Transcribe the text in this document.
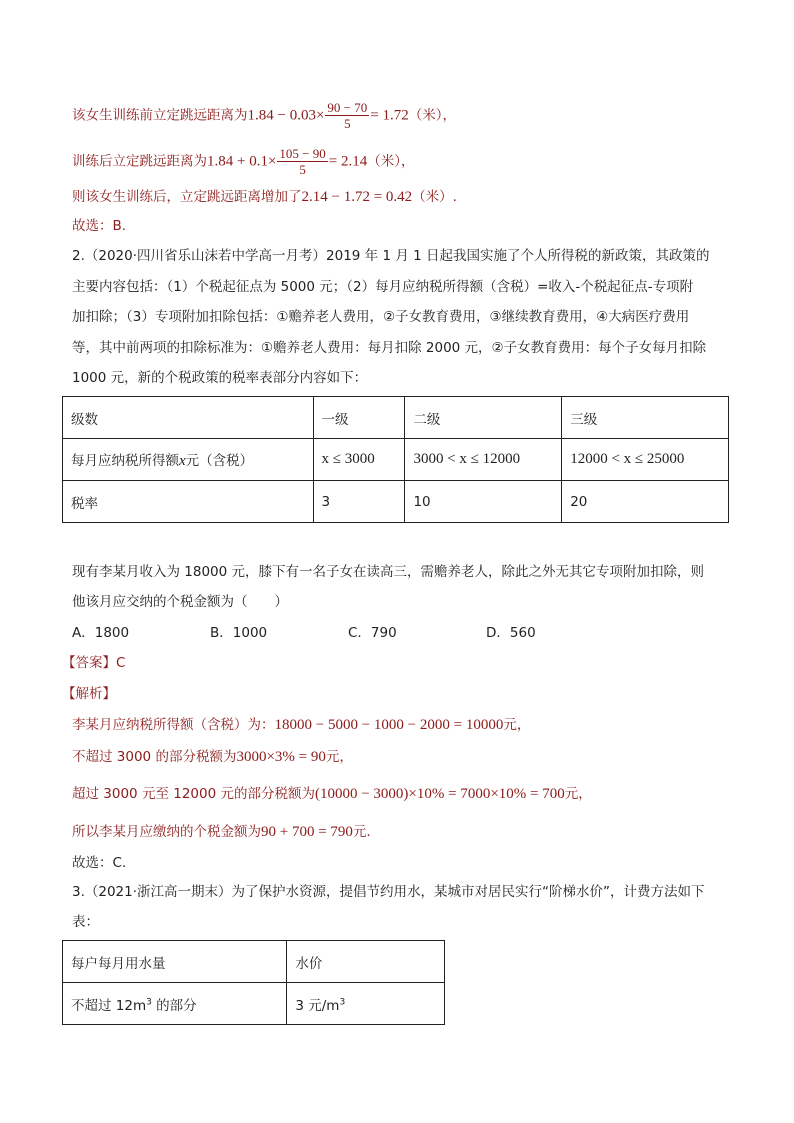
该女生训练前立定跳远距离为$1.84 - 0.03\times \frac{90 - 70}{5} = 1.72$（米），
训练后立定跳远距离为$1.84 + 0.1\times \frac{105 - 90}{5} = 2.14$（米），
则该女生训练后，立定跳远距离增加了2.14 − 1.72 = 0.42（米）.
故选：B.
2.（2020·四川省乐山沫若中学高一月考）2019 年 1 月 1 日起我国实施了个人所得税的新政策，其政策的
主要内容包括：（1）个税起征点为 5000 元；（2）每月应纳税所得额（含税）=收入-个税起征点-专项附
加扣除；（3）专项附加扣除包括：①赡养老人费用，②子女教育费用，③继续教育费用，④大病医疗费用
等，其中前两项的扣除标准为：①赡养老人费用：每月扣除 2000 元，②子女教育费用：每个子女每月扣除
1000 元，新的个税政策的税率表部分内容如下：
级数	一级	二级	三级
每月应纳税所得额x元（含税）	x ≤ 3000	3000 < x ≤ 12000	12000 < x ≤ 25000
税率	3	10	20
现有李某月收入为 18000 元，膝下有一名子女在读高三，需赡养老人，除此之外无其它专项附加扣除，则
他该月应交纳的个税金额为（　　）
A．1800	B．1000	C．790	D．560
【答案】C
【解析】
李某月应纳税所得额（含税）为：18000 − 5000 − 1000 − 2000 = 10000元，
不超过 3000 的部分税额为3000×3% = 90元，
超过 3000 元至 12000 元的部分税额为(10000 − 3000)×10% = 7000×10% = 700元，
所以李某月应缴纳的个税金额为90 + 700 = 790元.
故选：C.
3.（2021·浙江高一期末）为了保护水资源，提倡节约用水，某城市对居民实行“阶梯水价”，计费方法如下
表：
每户每月用水量	水价
不超过 $12m^3$ 的部分	3 元$/m^3$
